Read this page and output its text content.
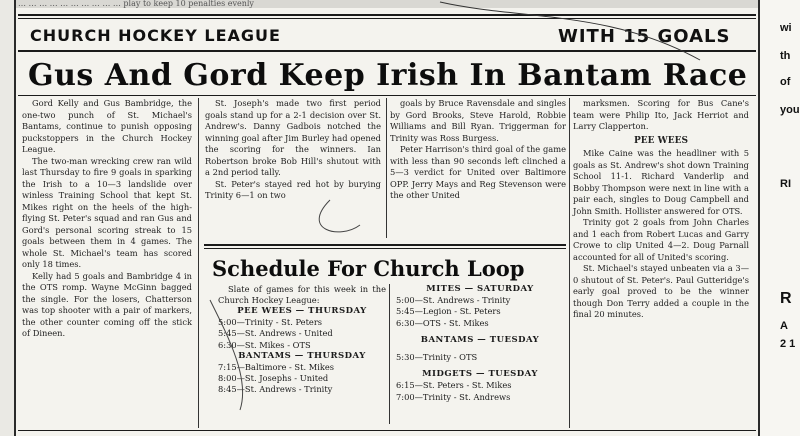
… … … … … … … … … … play to keep 10 penalties evenly
CHURCH HOCKEY LEAGUE	WITH 15 GOALS
Gus And Gord Keep Irish In Bantam Race

Gord Kelly and Gus Bambridge, the one-two punch of St. Michael's Bantams, continue to punish opposing puckstoppers in the Church Hockey League.

The two-man wrecking crew ran wild last Thursday to fire 9 goals in sparking the Irish to a 10—3 landslide over winless Training School that kept St. Mikes right on the heels of the high-flying St. Peter's squad and ran Gus and Gord's personal scoring streak to 15 goals between them in 4 games. The whole St. Michael's team has scored only 18 times.

Kelly had 5 goals and Bambridge 4 in the OTS romp. Wayne McGinn bagged the single. For the losers, Chatterson was top shooter with a pair of markers, the other counter coming off the stick of Dineen.

St. Joseph's made two first period goals stand up for a 2-1 decision over St. Andrew's. Danny Gadbois notched the winning goal after Jim Burley had opened the scoring for the winners. Ian Robertson broke Bob Hill's shutout with a 2nd period tally.

St. Peter's stayed red hot by burying Trinity 6—1 on two

goals by Bruce Ravensdale and singles by Gord Brooks, Steve Harold, Robbie Williams and Bill Ryan. Triggerman for Trinity was Ross Burgess.

Peter Harrison's third goal of the game with less than 90 seconds left clinched a 5—3 verdict for United over Baltimore OPP. Jerry Mays and Reg Stevenson were the other United

marksmen. Scoring for Bus Cane's team were Philip Ito, Jack Herriot and Larry Clapperton.

PEE WEES

Mike Caine was the headliner with 5 goals as St. Andrew's shot down Training School 11-1. Richard Vanderlip and Bobby Thompson were next in line with a pair each, singles to Doug Campbell and John Smith. Hollister answered for OTS.

Trinity got 2 goals from John Charles and 1 each from Robert Lucas and Garry Crowe to clip United 4—2. Doug Parnall accounted for all of United's scoring.

St. Michael's stayed unbeaten via a 3—0 shutout of St. Peter's. Paul Gutteridge's early goal proved to be the winner though Don Terry added a couple in the final 20 minutes.

Schedule For Church Loop

Slate of games for this week in the Church Hockey League:

PEE WEES — THURSDAY
5:00—Trinity - St. Peters
5:45—St. Andrews - United
6:30—St. Mikes - OTS
BANTAMS — THURSDAY
7:15—Baltimore - St. Mikes
8:00—St. Josephs - United
8:45—St. Andrews - Trinity
MITES — SATURDAY
5:00—St. Andrews - Trinity
5:45—Legion - St. Peters
6:30—OTS - St. Mikes
BANTAMS — TUESDAY
5:30—Trinity - OTS
MIDGETS — TUESDAY
6:15—St. Peters - St. Mikes
7:00—Trinity - St. Andrews
wi
th
of
you
RI
R
A
2 1
